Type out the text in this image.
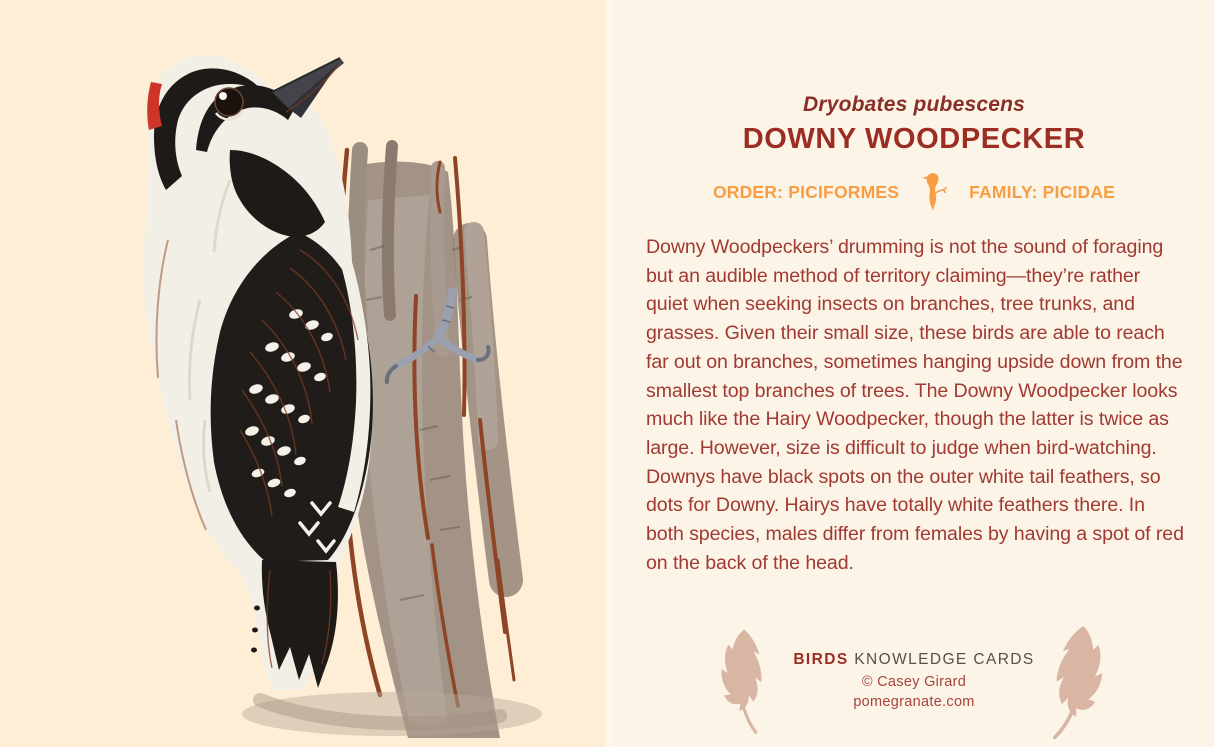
Dryobates pubescens
DOWNY WOODPECKER
ORDER: PICIFORMES	FAMILY: PICIDAE
Downy Woodpeckers’ drumming is not the sound of foraging but an audible method of territory claiming—they’re rather quiet when seeking insects on branches, tree trunks, and grasses. Given their small size, these birds are able to reach far out on branches, sometimes hanging upside down from the smallest top branches of trees. The Downy Woodpecker looks much like the Hairy Woodpecker, though the latter is twice as large. However, size is difficult to judge when bird-watching. Downys have black spots on the outer white tail feathers, so dots for Downy. Hairys have totally white feathers there. In both species, males differ from females by having a spot of red on the back of the head.
BIRDS KNOWLEDGE CARDS
© Casey Girard
pomegranate.com
